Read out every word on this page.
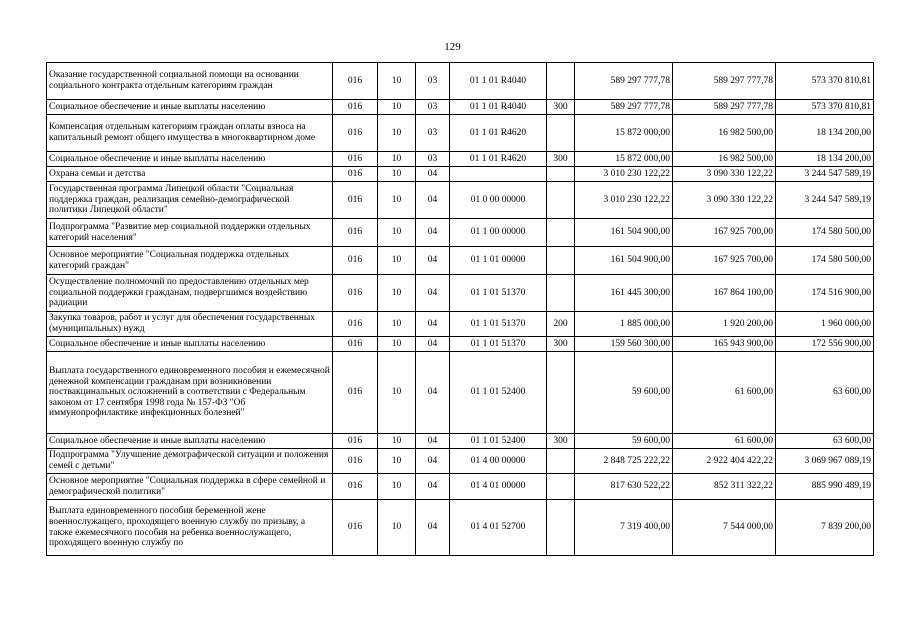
129
Оказание государственной социальной помощи на основании социального контракта отдельным категориям граждан	016	10	03	01 1 01 R4040		589 297 777,78	589 297 777,78	573 370 810,81
Социальное обеспечение и иные выплаты населению	016	10	03	01 1 01 R4040	300	589 297 777,78	589 297 777,78	573 370 810,81
Компенсация отдельным категориям граждан оплаты взноса на капитальный ремонт общего имущества в многоквартирном доме	016	10	03	01 1 01 R4620		15 872 000,00	16 982 500,00	18 134 200,00
Социальное обеспечение и иные выплаты населению	016	10	03	01 1 01 R4620	300	15 872 000,00	16 982 500,00	18 134 200,00
Охрана семьи и детства	016	10	04			3 010 230 122,22	3 090 330 122,22	3 244 547 589,19
Государственная программа Липецкой области "Социальная поддержка граждан, реализация семейно-демографической политики Липецкой области"	016	10	04	01 0 00 00000		3 010 230 122,22	3 090 330 122,22	3 244 547 589,19
Подпрограмма "Развитие мер социальной поддержки отдельных категорий населения"	016	10	04	01 1 00 00000		161 504 900,00	167 925 700,00	174 580 500,00
Основное мероприятие "Социальная поддержка отдельных категорий граждан"	016	10	04	01 1 01 00000		161 504 900,00	167 925 700,00	174 580 500,00
Осуществление полномочий по предоставлению отдельных мер социальной поддержки гражданам, подвергшимся воздействию радиации	016	10	04	01 1 01 51370		161 445 300,00	167 864 100,00	174 516 900,00
Закупка товаров, работ и услуг для обеспечения государственных (муниципальных) нужд	016	10	04	01 1 01 51370	200	1 885 000,00	1 920 200,00	1 960 000,00
Социальное обеспечение и иные выплаты населению	016	10	04	01 1 01 51370	300	159 560 300,00	165 943 900,00	172 556 900,00
Выплата государственного единовременного пособия и ежемесячной денежной компенсации гражданам при возникновении поствакцинальных осложнений в соответствии с Федеральным законом от 17 сентября 1998 года № 157-ФЗ "Об иммунопрофилактике инфекционных болезней"	016	10	04	01 1 01 52400		59 600,00	61 600,00	63 600,00
Социальное обеспечение и иные выплаты населению	016	10	04	01 1 01 52400	300	59 600,00	61 600,00	63 600,00
Подпрограмма "Улучшение демографической ситуации и положения семей с детьми"	016	10	04	01 4 00 00000		2 848 725 222,22	2 922 404 422,22	3 069 967 089,19
Основное мероприятие "Социальная поддержка в сфере семейной и демографической политики"	016	10	04	01 4 01 00000		817 630 522,22	852 311 322,22	885 990 489,19
Выплата единовременного пособия беременной жене военнослужащего, проходящего военную службу по призыву, а также ежемесячного пособия на ребенка военнослужащего, проходящего военную службу по	016	10	04	01 4 01 52700		7 319 400,00	7 544 000,00	7 839 200,00
